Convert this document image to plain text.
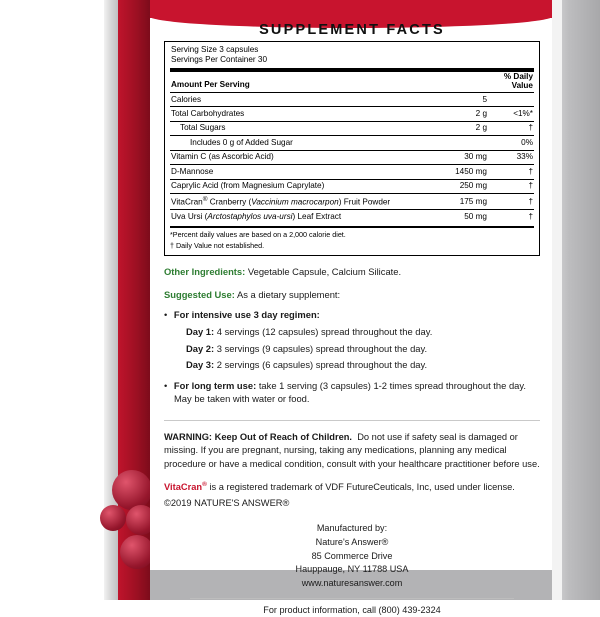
SUPPLEMENT FACTS
Serving Size 3 capsules
Servings Per Container 30
Amount Per Serving		% Daily
Value
Calories	5	
Total Carbohydrates	2 g	<1%*
Total Sugars	2 g	†
Includes 0 g of Added Sugar		0%
Vitamin C (as Ascorbic Acid)	30 mg	33%
D-Mannose	1450 mg	†
Caprylic Acid (from Magnesium Caprylate)	250 mg	†
VitaCran® Cranberry (Vaccinium macrocarpon) Fruit Powder	175 mg	†
Uva Ursi (Arctostaphylos uva-ursi) Leaf Extract	50 mg	†
*Percent daily values are based on a 2,000 calorie diet.
† Daily Value not established.
Other Ingredients: Vegetable Capsule, Calcium Silicate.
Suggested Use: As a dietary supplement:
• For intensive use 3 day regimen:
Day 1: 4 servings (12 capsules) spread throughout the day.
Day 2: 3 servings (9 capsules) spread throughout the day.
Day 3: 2 servings (6 capsules) spread throughout the day.
• For long term use: take 1 serving (3 capsules) 1-2 times spread throughout the day. May be taken with water or food.
WARNING: Keep Out of Reach of Children. Do not use if safety seal is damaged or missing. If you are pregnant, nursing, taking any medications, planning any medical procedure or have a medical condition, consult with your healthcare practitioner before use.
VitaCran® is a registered trademark of VDF FutureCeuticals, Inc, used under license.
©2019 NATURE'S ANSWER®
Manufactured by:
Nature's Answer®
85 Commerce Drive
Hauppauge, NY 11788 USA
www.naturesanswer.com
For product information, call (800) 439-2324
